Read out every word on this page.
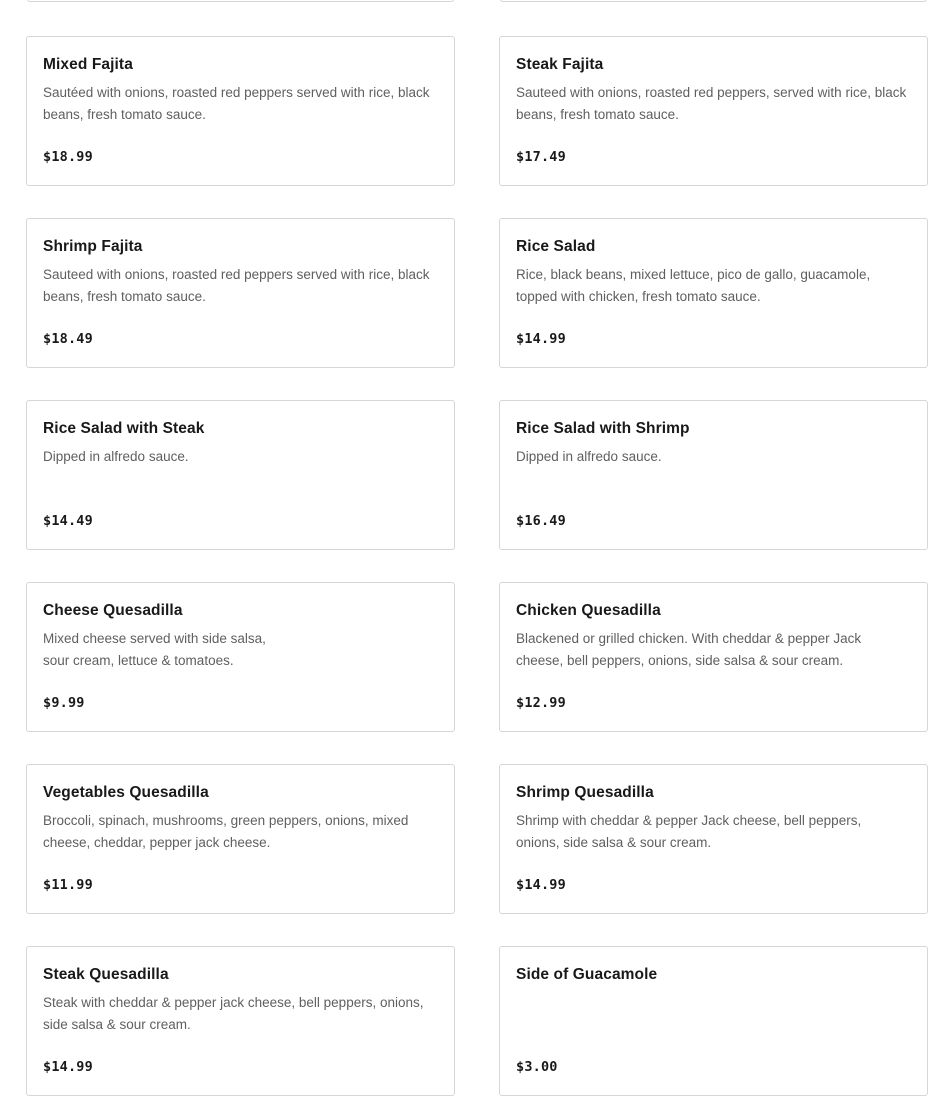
Mixed Fajita
Sautéed with onions, roasted red peppers served with rice, black beans, fresh tomato sauce.
$18.99
Steak Fajita
Sauteed with onions, roasted red peppers, served with rice, black beans, fresh tomato sauce.
$17.49
Shrimp Fajita
Sauteed with onions, roasted red peppers served with rice, black beans, fresh tomato sauce.
$18.49
Rice Salad
Rice, black beans, mixed lettuce, pico de gallo, guacamole, topped with chicken, fresh tomato sauce.
$14.99
Rice Salad with Steak
Dipped in alfredo sauce.
$14.49
Rice Salad with Shrimp
Dipped in alfredo sauce.
$16.49
Cheese Quesadilla
Mixed cheese served with side salsa,
sour cream, lettuce & tomatoes.
$9.99
Chicken Quesadilla
Blackened or grilled chicken. With cheddar & pepper Jack cheese, bell peppers, onions, side salsa & sour cream.
$12.99
Vegetables Quesadilla
Broccoli, spinach, mushrooms, green peppers, onions, mixed cheese, cheddar, pepper jack cheese.
$11.99
Shrimp Quesadilla
Shrimp with cheddar & pepper Jack cheese, bell peppers, onions, side salsa & sour cream.
$14.99
Steak Quesadilla
Steak with cheddar & pepper jack cheese, bell peppers, onions, side salsa & sour cream.
$14.99
Side of Guacamole
$3.00
